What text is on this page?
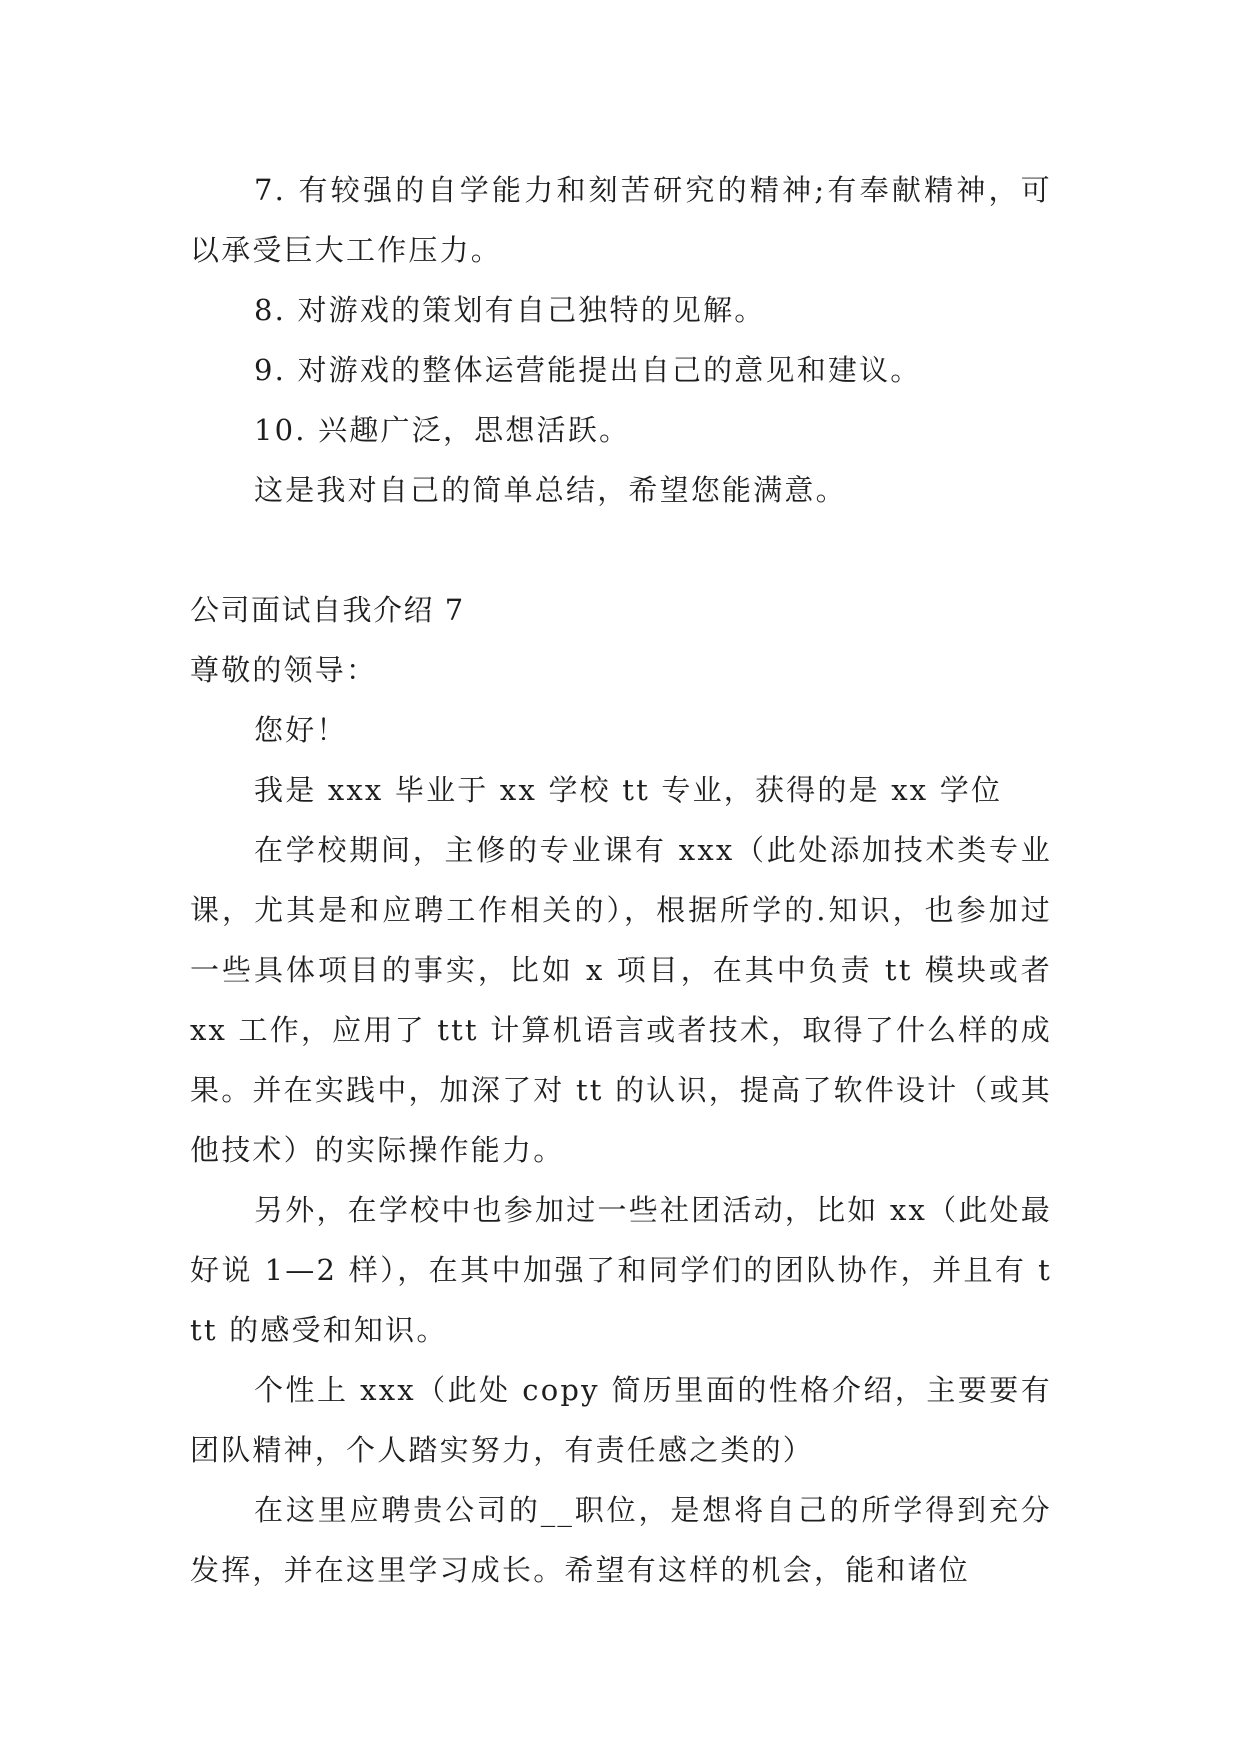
7. 有较强的自学能力和刻苦研究的精神;有奉献精神，可以承受巨大工作压力。

8. 对游戏的策划有自己独特的见解。

9. 对游戏的整体运营能提出自己的意见和建议。

10. 兴趣广泛，思想活跃。

这是我对自己的简单总结，希望您能满意。

公司面试自我介绍 7

尊敬的领导：

您好！

我是 xxx 毕业于 xx 学校 tt 专业，获得的是 xx 学位

在学校期间，主修的专业课有 xxx（此处添加技术类专业课，尤其是和应聘工作相关的），根据所学的.知识，也参加过一些具体项目的事实，比如 x 项目，在其中负责 tt 模块或者 xx 工作，应用了 ttt 计算机语言或者技术，取得了什么样的成果。并在实践中，加深了对 tt 的认识，提高了软件设计（或其他技术）的实际操作能力。

另外，在学校中也参加过一些社团活动，比如 xx（此处最好说 1—2 样），在其中加强了和同学们的团队协作，并且有 ttt 的感受和知识。

个性上 xxx（此处 copy 简历里面的性格介绍，主要要有团队精神，个人踏实努力，有责任感之类的）

在这里应聘贵公司的__职位，是想将自己的所学得到充分发挥，并在这里学习成长。希望有这样的机会，能和诸位
